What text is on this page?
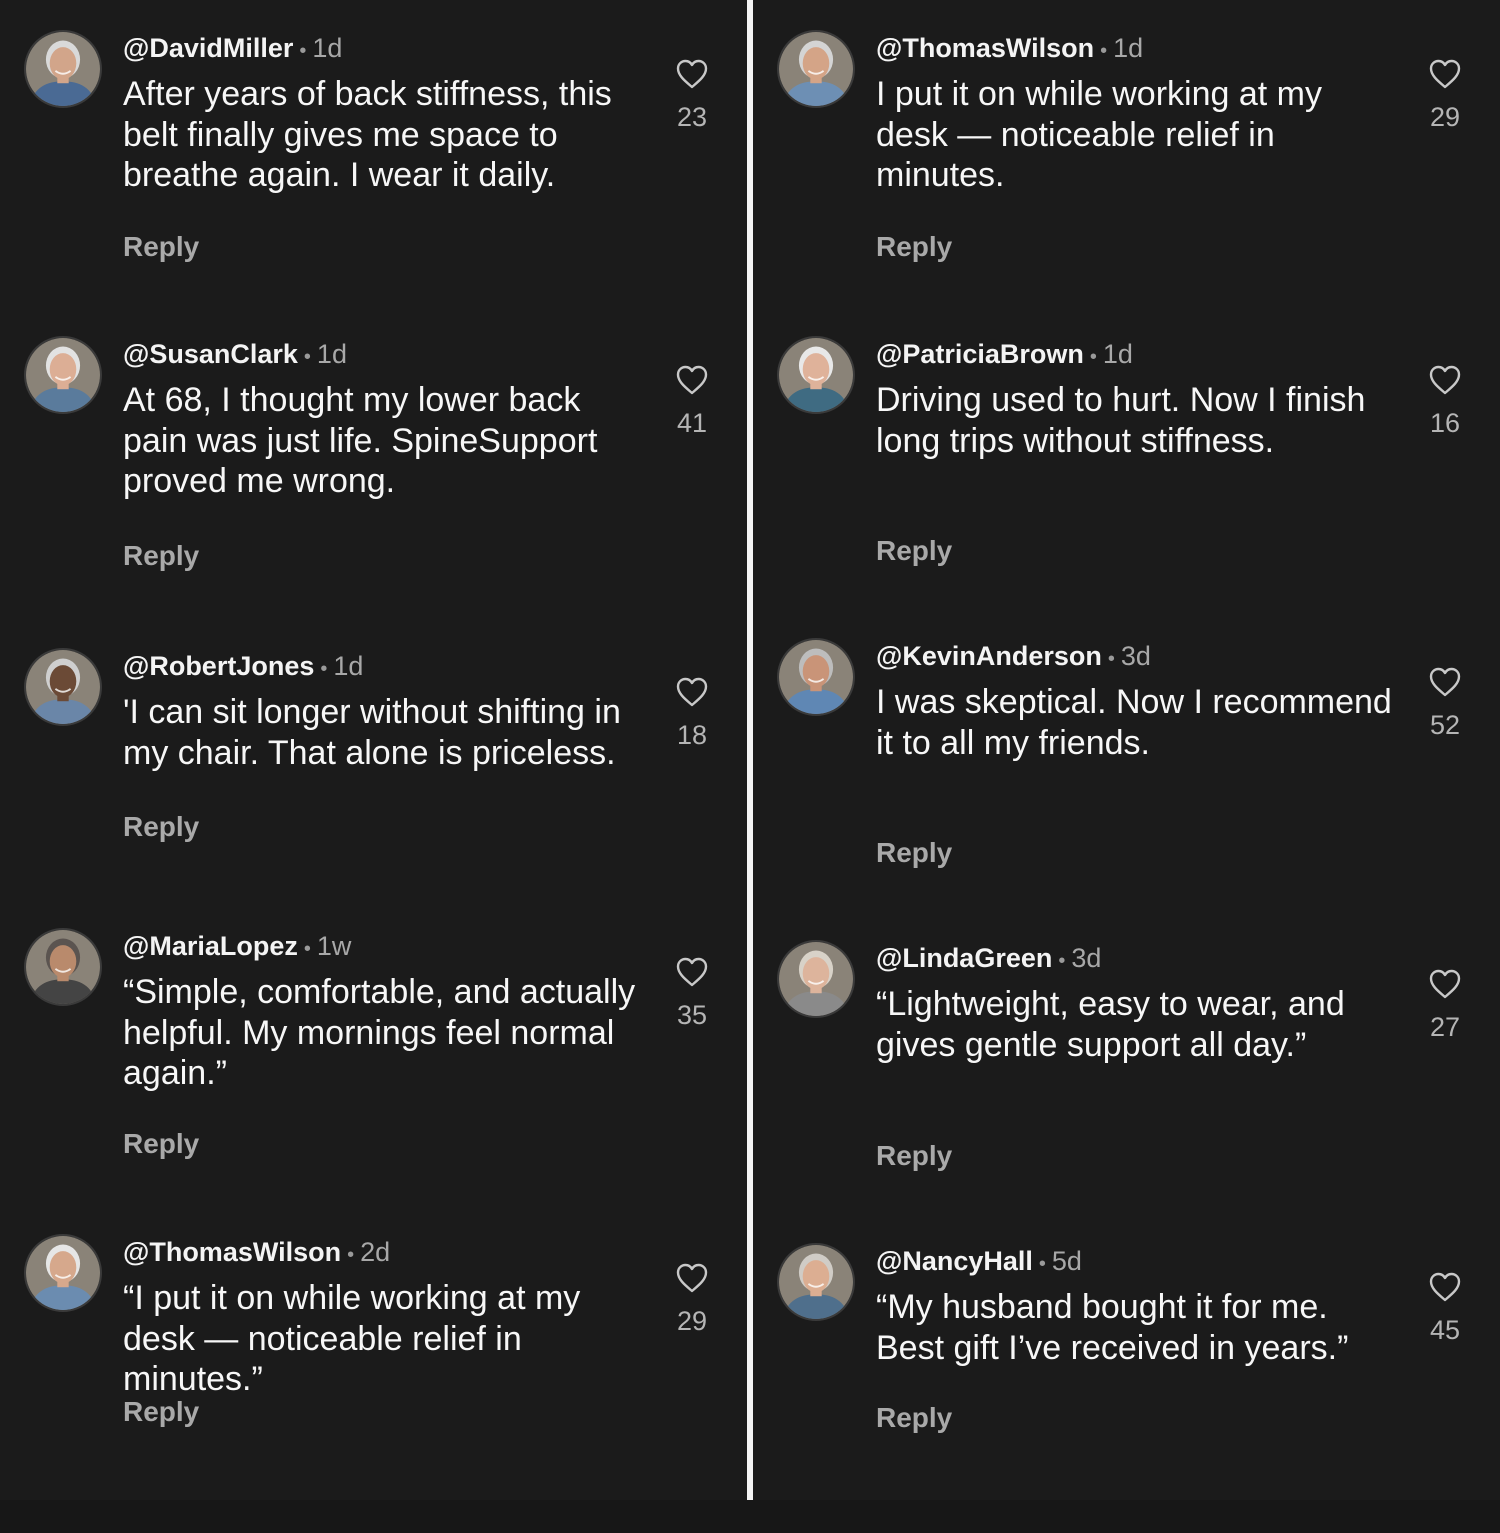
@DavidMiller • 1d
After years of back stiffness, this belt finally gives me space to breathe again. I wear it daily.
Reply
23
@SusanClark • 1d
At 68, I thought my lower back pain was just life. SpineSupport proved me wrong.
Reply
41
@RobertJones • 1d
'I can sit longer without shifting in my chair. That alone is priceless.
Reply
18
@MariaLopez • 1w
“Simple, comfortable, and actually helpful. My mornings feel normal again.”
Reply
35
@ThomasWilson • 2d
“I put it on while working at my desk — noticeable relief in minutes.”
Reply
29
@ThomasWilson • 1d
I put it on while working at my desk — noticeable relief in minutes.
Reply
29
@PatriciaBrown • 1d
Driving used to hurt. Now I finish long trips without stiffness.
Reply
16
@KevinAnderson • 3d
I was skeptical. Now I recommend it to all my friends.
Reply
52
@LindaGreen • 3d
“Lightweight, easy to wear, and gives gentle support all day.”
Reply
27
@NancyHall • 5d
“My husband bought it for me. Best gift I’ve received in years.”
Reply
45
